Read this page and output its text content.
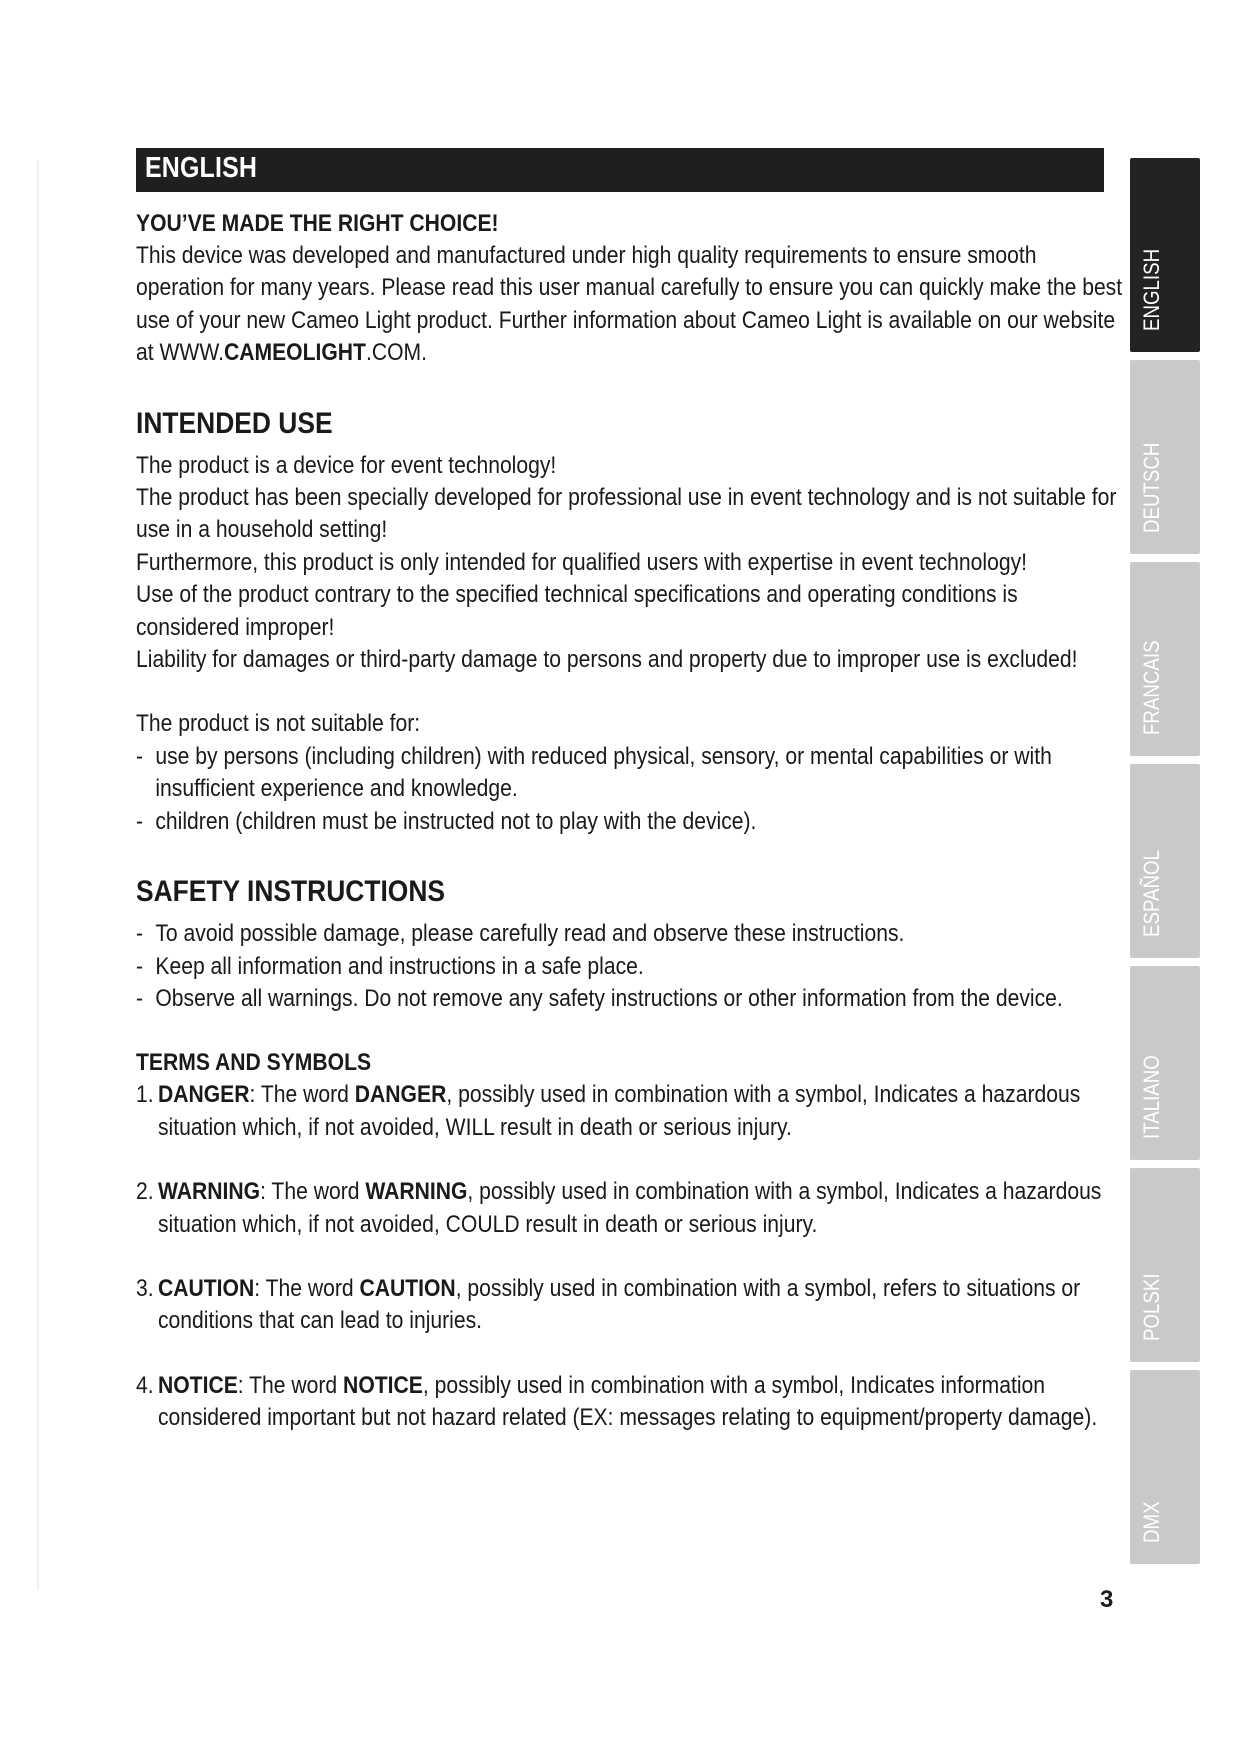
ENGLISH
YOU’VE MADE THE RIGHT CHOICE!

This device was developed and manufactured under high quality requirements to ensure smooth operation for many years. Please read this user manual carefully to ensure you can quickly make the best use of your new Cameo Light product. Further information about Cameo Light is available on our website at WWW.CAMEOLIGHT.COM.

INTENDED USE

The product is a device for event technology!

The product has been specially developed for professional use in event technology and is not suitable for use in a household setting!

Furthermore, this product is only intended for qualified users with expertise in event technology!

Use of the product contrary to the specified technical specifications and operating conditions is considered improper!

Liability for damages or third-party damage to persons and property due to improper use is excluded!

The product is not suitable for:

- use by persons (including children) with reduced physical, sensory, or mental capabilities or with insufficient experience and knowledge.
- children (children must be instructed not to play with the device).
SAFETY INSTRUCTIONS
- To avoid possible damage, please carefully read and observe these instructions.
- Keep all information and instructions in a safe place.
- Observe all warnings. Do not remove any safety instructions or other information from the device.
TERMS AND SYMBOLS
1. DANGER: The word DANGER, possibly used in combination with a symbol, Indicates a hazardous situation which, if not avoided, WILL result in death or serious injury.
2. WARNING: The word WARNING, possibly used in combination with a symbol, Indicates a hazardous situation which, if not avoided, COULD result in death or serious injury.
3. CAUTION: The word CAUTION, possibly used in combination with a symbol, refers to situations or conditions that can lead to injuries.
4. NOTICE: The word NOTICE, possibly used in combination with a symbol, Indicates information considered important but not hazard related (EX: messages relating to equipment/property damage).
ENGLISH
DEUTSCH
FRANCAIS
ESPAÑOL
ITALIANO
POLSKI
DMX
3
